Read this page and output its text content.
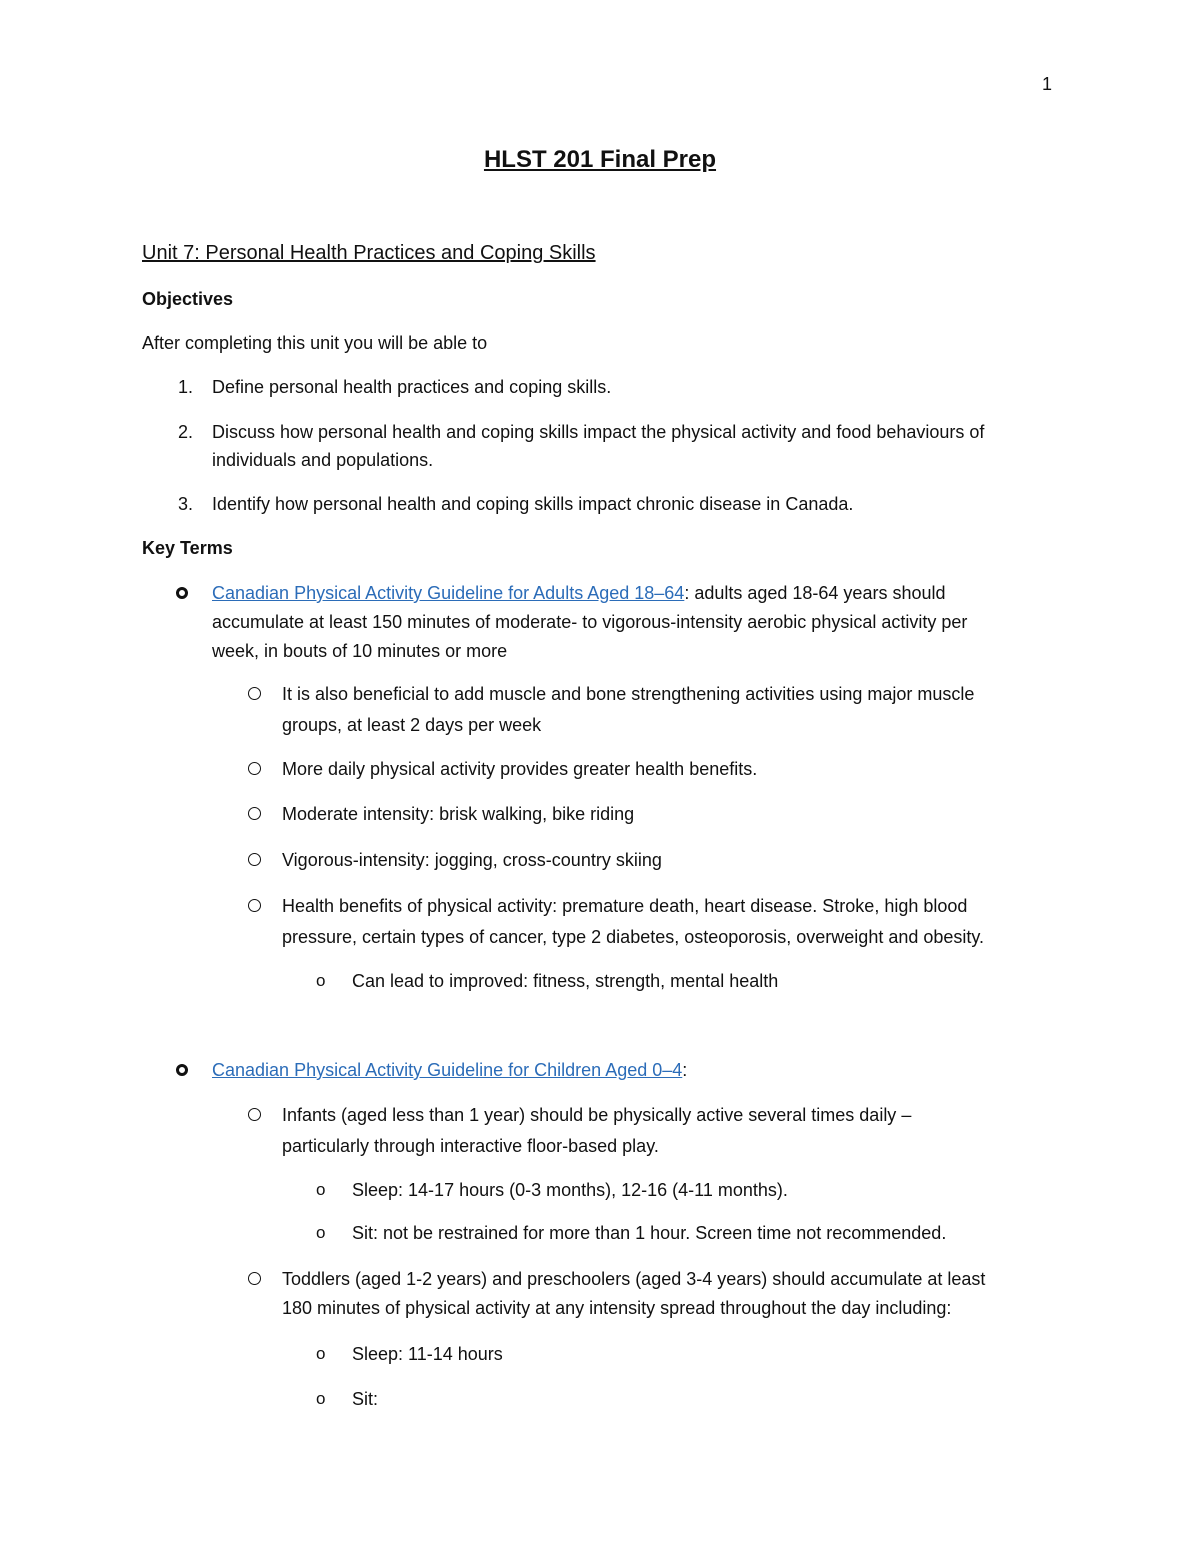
1
HLST 201 Final Prep
Unit 7: Personal Health Practices and Coping Skills
Objectives
After completing this unit you will be able to
1. Define personal health practices and coping skills.
2. Discuss how personal health and coping skills impact the physical activity and food behaviours of
individuals and populations.
3. Identify how personal health and coping skills impact chronic disease in Canada.
Key Terms
Canadian Physical Activity Guideline for Adults Aged 18–64: adults aged 18-64 years should
accumulate at least 150 minutes of moderate- to vigorous-intensity aerobic physical activity per
week, in bouts of 10 minutes or more
It is also beneficial to add muscle and bone strengthening activities using major muscle
groups, at least 2 days per week
More daily physical activity provides greater health benefits.
Moderate intensity: brisk walking, bike riding
Vigorous-intensity: jogging, cross-country skiing
Health benefits of physical activity: premature death, heart disease. Stroke, high blood
pressure, certain types of cancer, type 2 diabetes, osteoporosis, overweight and obesity.
o Can lead to improved: fitness, strength, mental health
Canadian Physical Activity Guideline for Children Aged 0–4:
Infants (aged less than 1 year) should be physically active several times daily –
particularly through interactive floor-based play.
o Sleep: 14-17 hours (0-3 months), 12-16 (4-11 months).
o Sit: not be restrained for more than 1 hour. Screen time not recommended.
Toddlers (aged 1-2 years) and preschoolers (aged 3-4 years) should accumulate at least
180 minutes of physical activity at any intensity spread throughout the day including:
o Sleep: 11-14 hours
o Sit:
